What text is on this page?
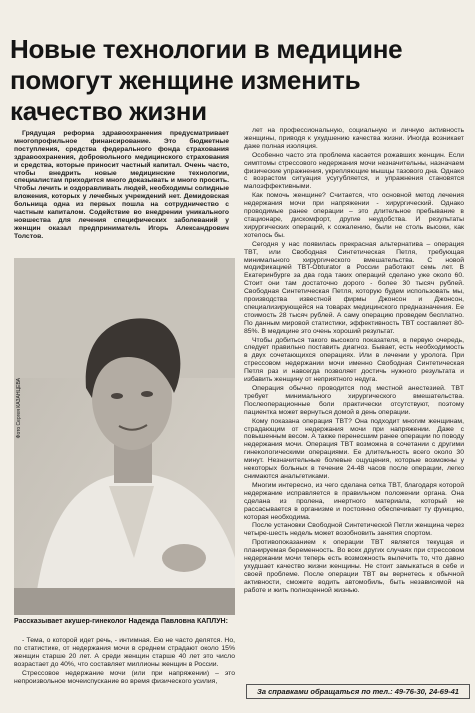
Новые технологии в медицине помогут женщине изменить качество жизни

Грядущая реформа здравоохранения предусматривает многопрофильное финансирование. Это бюджетные поступления, средства федерального фонда страхования здравоохранения, добровольного медицинского страхования и средства, которые приносит частный капитал. Очень часто, чтобы внедрить новые медицинские технологии, специалистам приходится много доказывать и много просить. Чтобы лечить и оздоравливать людей, необходимы солидные вложения, которых у лечебных учреждений нет. Демидовская больница одна из первых пошла на сотрудничество с частным капиталом. Содействие во внедрении уникального новшества для лечения специфических заболеваний у женщин оказал предприниматель Игорь Александрович Толстов.

Фото Сергея КАЗАНЦЕВА
Рассказывает акушер-гинеколог Надежда Павловна КАПЛУН:

- Тема, о которой идет речь, - интимная. Ею не часто делятся. Но, по статистике, от недержания мочи в среднем страдают около 15% женщин старше 20 лет. А среди женщин старше 40 лет это число возрастает до 40%, что составляет миллионы женщин в России.

Стрессовое недержание мочи (или при напряжении) – это непроизвольное мочеиспускание во время физического усилия,

лет на профессиональную, социальную и личную активность женщины, приводя к ухудшению качества жизни. Иногда возникает даже полная изоляция.

Особенно часто эта проблема касается рожавших женщин. Если симптомы стрессового недержания мочи незначительны, назначаем физические упражнения, укрепляющие мышцы тазового дна. Однако с возрастом ситуация усугубляется, и упражнения становятся малоэффективными.

Как помочь женщине? Считается, что основной метод лечения недержания мочи при напряжении - хирургический. Однако проводимые ранее операции – это длительное пребывание в стационаре, дискомфорт, другие неудобства. И результаты хирургических операций, к сожалению, были не столь высоки, как хотелось бы.

Сегодня у нас появилась прекрасная альтернатива – операция TBT, или Свободная Синтетическая Петля, требующая минимального хирургического вмешательства. С новой модификацией TBT-Obturator в России работают семь лет. В Екатеринбурге за два года таких операций сделано уже около 60. Стоит они там достаточно дорого - более 30 тысяч рублей. Свободная Синтетическая Петля, которую будем использовать мы, производства известной фирмы Джонсон и Джонсон, специализирующейся на товарах медицинского предназначения. Ее стоимость 28 тысяч рублей. А саму операцию проведем бесплатно. По данным мировой статистики, эффективность TBT составляет 80-85%. В медицине это очень хороший результат.

Чтобы добиться такого высокого показателя, в первую очередь, следует правильно поставить диагноз. Бывает, есть необходимость в двух сочетающихся операциях. Или в лечении у уролога. При стрессовом недержании мочи именно Свободная Синтетическая Петля раз и навсегда позволяет достичь нужного результата и избавить женщину от неприятного недуга.

Операция обычно проводится под местной анестезией. TBT требует минимального хирургического вмешательства. Послеоперационные боли практически отсутствуют, поэтому пациентка может вернуться домой в день операции.

Кому показана операция TBT? Она подходит многим женщинам, страдающим от недержания мочи при напряжении. Даже с повышенным весом. А также перенесшим ранее операции по поводу недержания мочи. Операция TBT возможна в сочетании с другими гинекологическими операциями. Ее длительность всего около 30 минут. Незначительные болевые ощущения, которые возможны у некоторых больных в течение 24-48 часов после операции, легко снимаются анальгетиками.

Многим интересно, из чего сделана сетка TBT, благодаря которой недержание исправляется в правильном положении органа. Она сделана из пролена, инертного материала, который не рассасывается в организме и постоянно обеспечивает ту функцию, которая необходима.

После установки Свободной Синтетической Петли женщина через четыре-шесть недель может возобновить занятия спортом.

Противопоказанием к операции TBT является текущая и планируемая беременность. Во всех других случаях при стрессовом недержании мочи теперь есть возможность вылечить то, что давно ухудшает качество жизни женщины. Не стоит замыкаться в себе и своей проблеме. После операции TBT вы вернетесь к обычной активности, сможете водить автомобиль, быть независимой на работе и жить полноценной жизнью.

За справками обращаться по тел.: 49-76-30, 24-69-41
